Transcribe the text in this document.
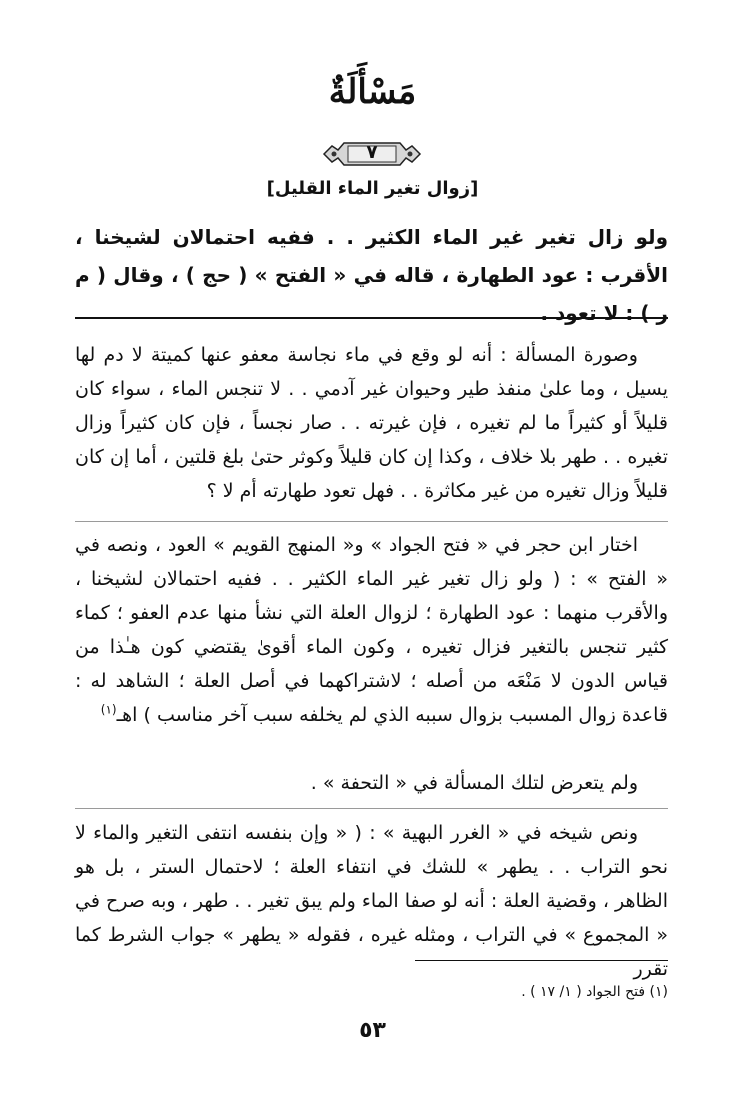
مَسْأَلَةٌ
٧
[زوال تغير الماء القليل]
ولو زال تغير غير الماء الكثير . . ففيه احتمالان لشيخنا ، الأقرب : عود الطهارة ، قاله في « الفتح » ( حج ) ، وقال ( م ر ) : لا تعود .

وصورة المسألة : أنه لو وقع في ماء نجاسة معفو عنها كميتة لا دم لها يسيل ، وما علىٰ منفذ طير وحيوان غير آدمي . . لا تنجس الماء ، سواء كان قليلاً أو كثيراً ما لم تغيره ، فإن غيرته . . صار نجساً ، فإن كان كثيراً وزال تغيره . . طهر بلا خلاف ، وكذا إن كان قليلاً وكوثر حتىٰ بلغ قلتين ، أما إن كان قليلاً وزال تغيره من غير مكاثرة . . فهل تعود طهارته أم لا ؟

اختار ابن حجر في « فتح الجواد » و« المنهج القويم » العود ، ونصه في « الفتح » : ( ولو زال تغير غير الماء الكثير . . ففيه احتمالان لشيخنا ، والأقرب منهما : عود الطهارة ؛ لزوال العلة التي نشأ منها عدم العفو ؛ كماء كثير تنجس بالتغير فزال تغيره ، وكون الماء أقوىٰ يقتضي كون هـٰذا من قياس الدون لا مَنْعَه من أصله ؛ لاشتراكهما في أصل العلة ؛ الشاهد له : قاعدة زوال المسبب بزوال سببه الذي لم يخلفه سبب آخر مناسب ) اهـ$^{(١)}$

ولم يتعرض لتلك المسألة في « التحفة » .

ونص شيخه في « الغرر البهية » : ( « وإن بنفسه انتفى التغير والماء لا نحو التراب . . يطهر » للشك في انتفاء العلة ؛ لاحتمال الستر ، بل هو الظاهر ، وقضية العلة : أنه لو صفا الماء ولم يبق تغير . . طهر ، وبه صرح في « المجموع » في التراب ، ومثله غيره ، فقوله « يطهر » جواب الشرط كما تقرر

(١) فتح الجواد ( ١/ ١٧ ) .
٥٣
